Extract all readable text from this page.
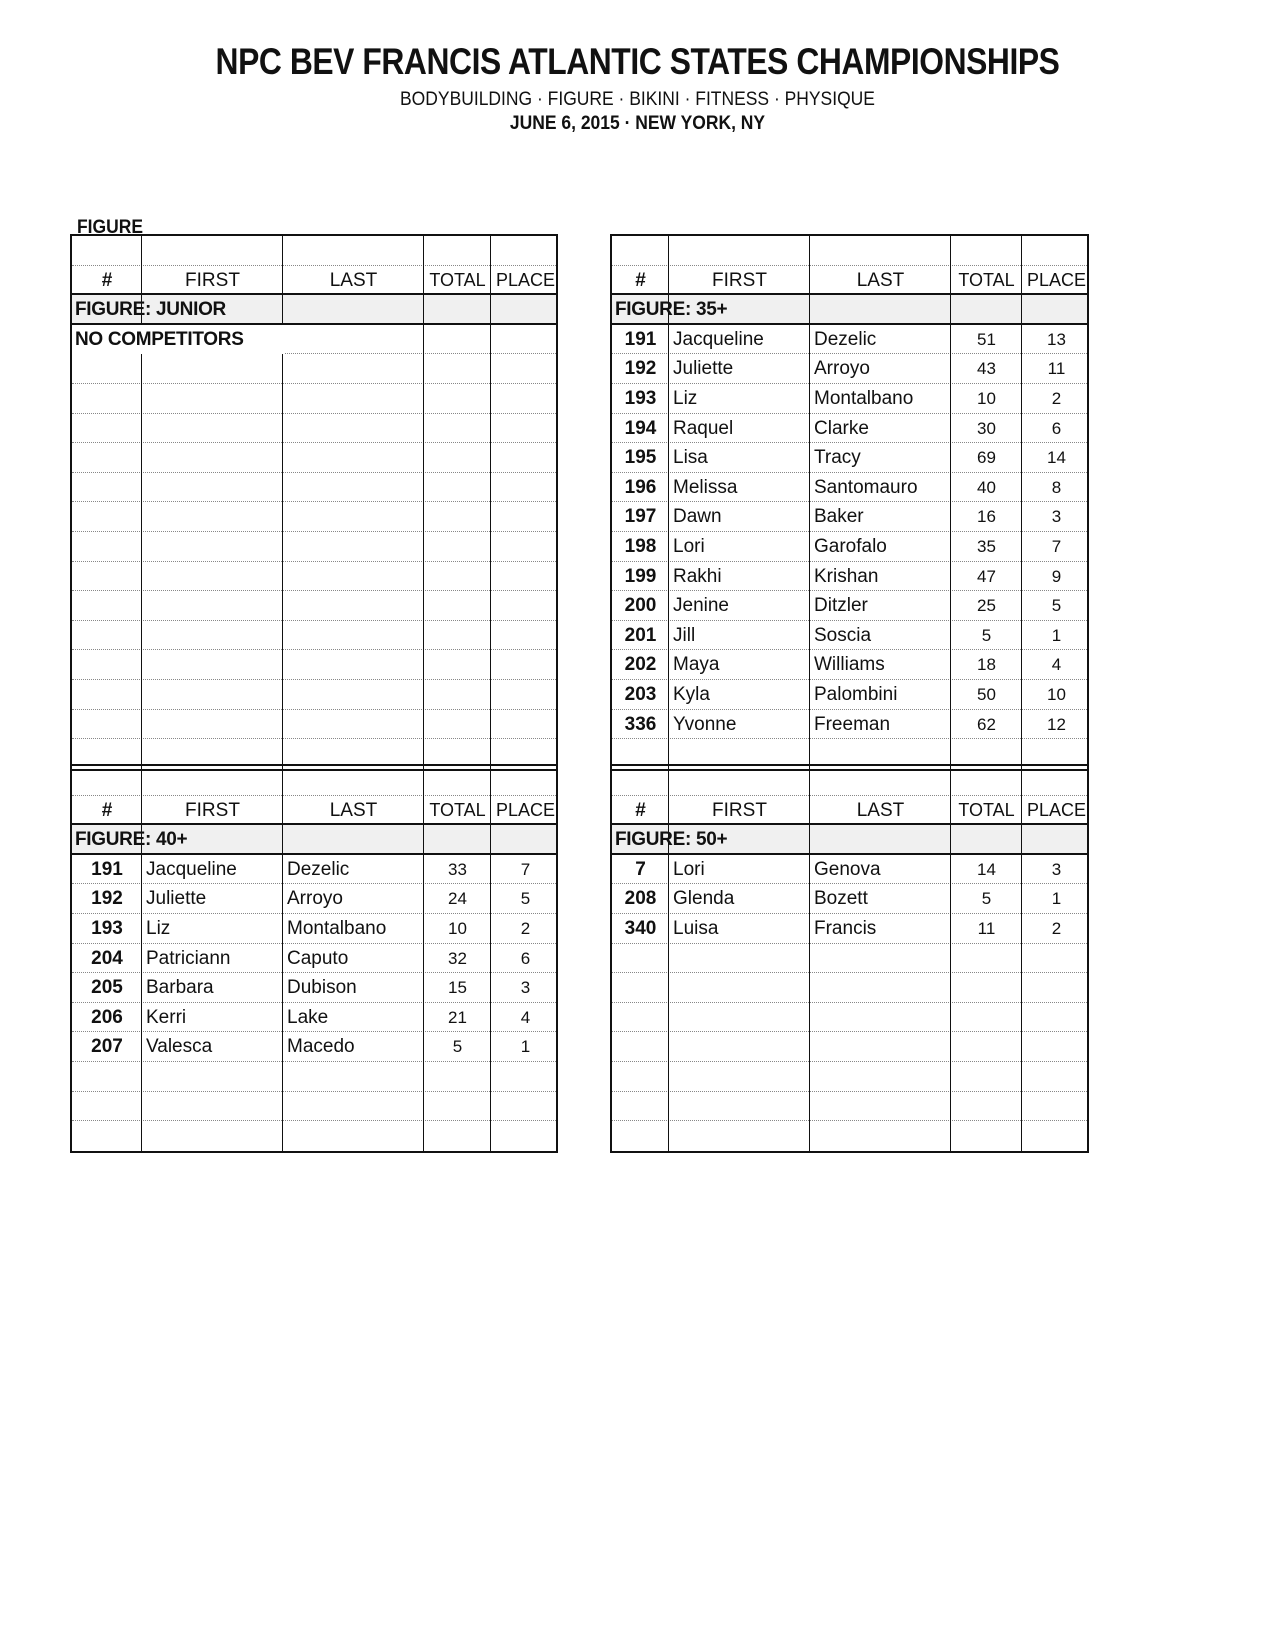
NPC BEV FRANCIS ATLANTIC STATES CHAMPIONSHIPS
BODYBUILDING · FIGURE · BIKINI · FITNESS · PHYSIQUE
JUNE 6, 2015 · NEW YORK, NY
FIGURE
#	FIRST	LAST	TOTAL PLACE
FIGURE: JUNIOR
NO COMPETITORS
#	FIRST	LAST	TOTAL PLACE
FIGURE: 35+
191 Jacqueline	Dezelic	51	13
192 Juliette	Arroyo	43	11
193 Liz	Montalbano	10	2
194 Raquel	Clarke	30	6
195 Lisa	Tracy	69	14
196 Melissa	Santomauro	40	8
197 Dawn	Baker	16	3
198 Lori	Garofalo	35	7
199 Rakhi	Krishan	47	9
200 Jenine	Ditzler	25	5
201 Jill	Soscia	5	1
202 Maya	Williams	18	4
203 Kyla	Palombini	50	10
336 Yvonne	Freeman	62	12
#	FIRST	LAST	TOTAL PLACE
FIGURE: 40+
191	Jacqueline	Dezelic	33	7
192	Juliette	Arroyo	24	5
193	Liz	Montalbano	10	2
204	Patriciann	Caputo	32	6
205	Barbara	Dubison	15	3
206	Kerri	Lake	21	4
207	Valesca	Macedo	5	1
#	FIRST	LAST	TOTAL PLACE
FIGURE: 50+
7	Lori	Genova	14	3
208 Glenda	Bozett	5	1
340 Luisa	Francis	11	2
